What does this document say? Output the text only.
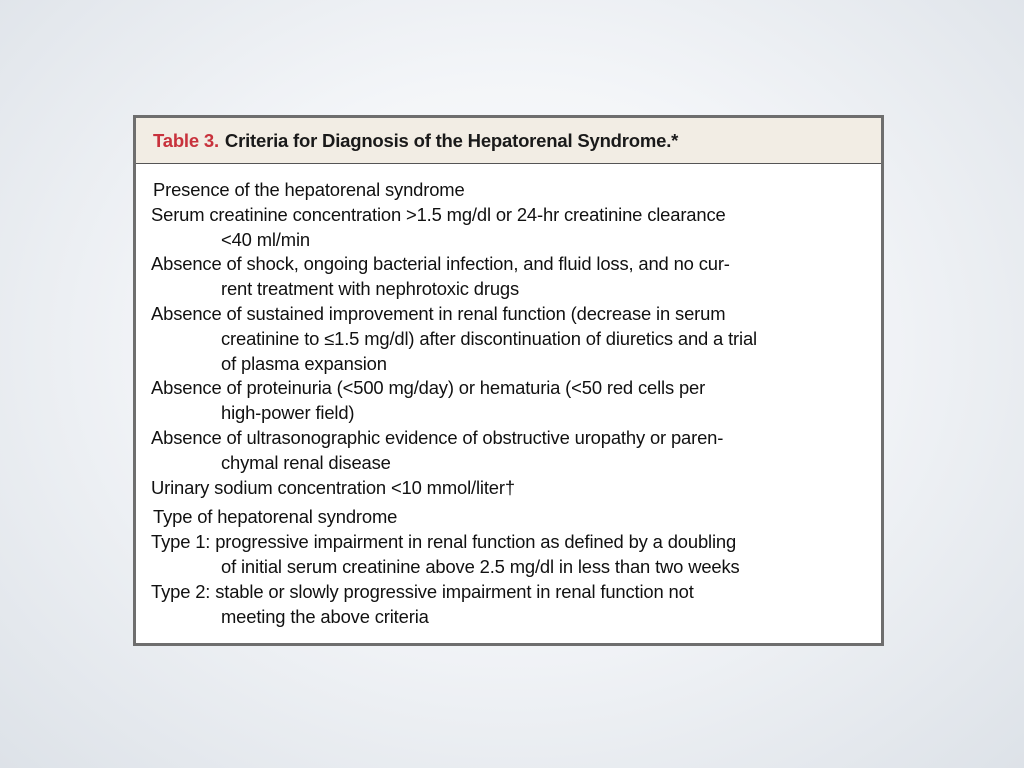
Table 3. Criteria for Diagnosis of the Hepatorenal Syndrome.*
Presence of the hepatorenal syndrome
Serum creatinine concentration >1.5 mg/dl or 24-hr creatinine clearance
<40 ml/min
Absence of shock, ongoing bacterial infection, and fluid loss, and no cur-
rent treatment with nephrotoxic drugs
Absence of sustained improvement in renal function (decrease in serum
creatinine to ≤1.5 mg/dl) after discontinuation of diuretics and a trial
of plasma expansion
Absence of proteinuria (<500 mg/day) or hematuria (<50 red cells per
high-power field)
Absence of ultrasonographic evidence of obstructive uropathy or paren-
chymal renal disease
Urinary sodium concentration <10 mmol/liter†
Type of hepatorenal syndrome
Type 1: progressive impairment in renal function as defined by a doubling
of initial serum creatinine above 2.5 mg/dl in less than two weeks
Type 2: stable or slowly progressive impairment in renal function not
meeting the above criteria
